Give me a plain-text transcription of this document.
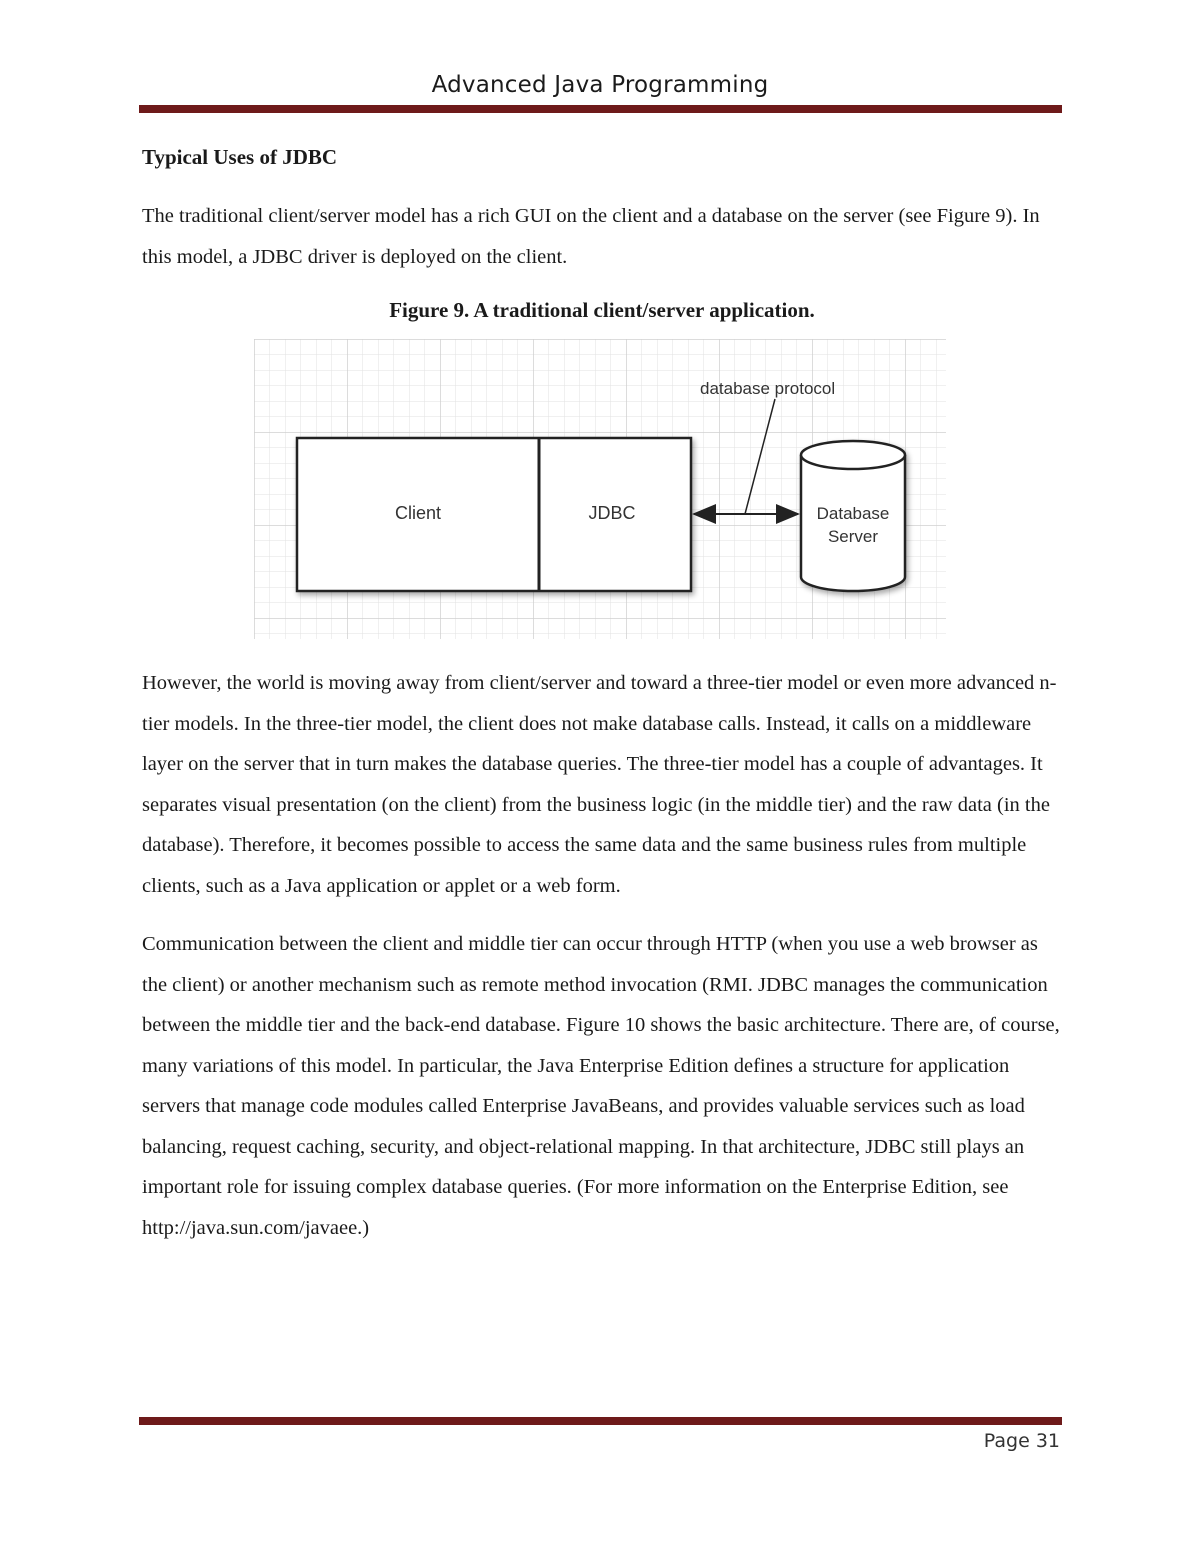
Advanced Java Programming
Typical Uses of JDBC

The traditional client/server model has a rich GUI on the client and a database on the server (see Figure 9). In this model, a JDBC driver is deployed on the client.

Figure 9. A traditional client/server application.
Client	JDBC
database protocol
Database
Server

However, the world is moving away from client/server and toward a three-tier model or even more advanced n-tier models. In the three-tier model, the client does not make database calls. Instead, it calls on a middleware layer on the server that in turn makes the database queries. The three-tier model has a couple of advantages. It separates visual presentation (on the client) from the business logic (in the middle tier) and the raw data (in the database). Therefore, it becomes possible to access the same data and the same business rules from multiple clients, such as a Java application or applet or a web form.

Communication between the client and middle tier can occur through HTTP (when you use a web browser as the client) or another mechanism such as remote method invocation (RMI. JDBC manages the communication between the middle tier and the back-end database. Figure 10 shows the basic architecture. There are, of course, many variations of this model. In particular, the Java Enterprise Edition defines a structure for application servers that manage code modules called Enterprise JavaBeans, and provides valuable services such as load balancing, request caching, security, and object-relational mapping. In that architecture, JDBC still plays an important role for issuing complex database queries. (For more information on the Enterprise Edition, see http://java.sun.com/javaee.)

Page 31
